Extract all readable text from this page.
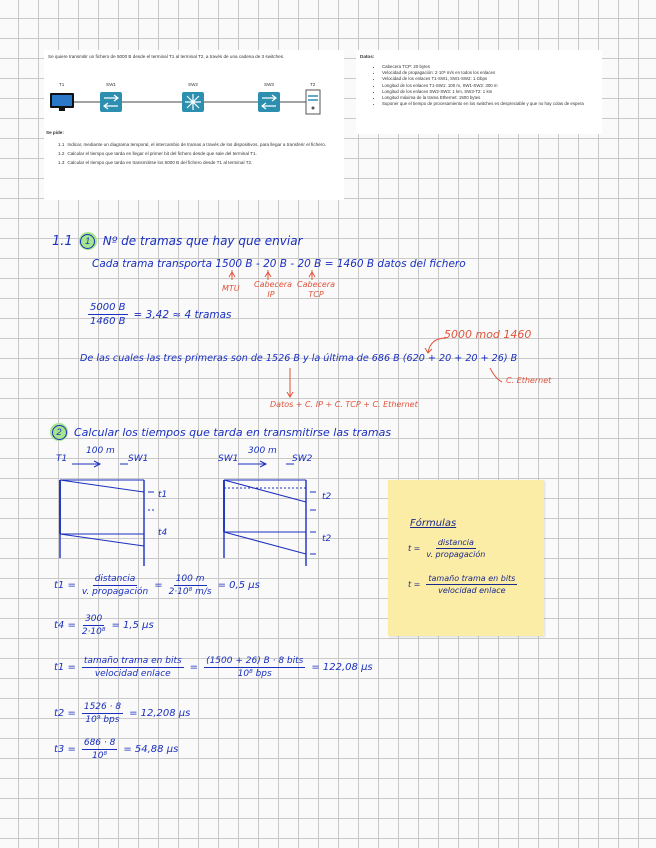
Se quiere transmitir un fichero de 5000 B desde el terminal T1 al terminal T2, a través de una cadena de 3 switches.
T1	SW1	SW2	SW3	T2
Se pide:
1.1 Indicar, mediante un diagrama temporal, el intercambio de tramas a través de los dispositivos, para llegar a transferir el fichero.
1.2 Calcular el tiempo que tarda en llegar el primer bit del fichero desde que sale del terminal T1.
1.3 Calcular el tiempo que tarda en transmitirse los 5000 B del fichero desde T1 al terminal T2.
Datos:
• Cabecera TCP: 20 bytes
• Velocidad de propagación: 2·10⁸ m/s en todos los enlaces
• Velocidad de los enlaces T1-SW1, SW1-SW2: 1 Gbps
• Longitud de los enlaces T1-SW1: 100 m, SW1-SW2: 300 m
• Longitud de los enlaces SW2-SW3: 1 km, SW3-T2: 1 km
• Longitud máxima de la trama Ethernet: 1500 bytes
• Suponer que el tiempo de procesamiento en los switches es despreciable y que no hay colas de espera
1.1	1	Nº de tramas que hay que enviar
Cada trama transporta 1500 B - 20 B - 20 B = 1460 B datos del fichero
MTU Cabecera IP
Cabecera TCP
$\frac{5000 B}{1460 B} = 3,42 \approx 4$ tramas
5000 mod 1460
De las cuales las tres primeras son de 1526 B y la última de 686 B (620 + 20 + 20 + 26) B
C. Ethernet
Datos + C. IP + C. TCP + C. Ethernet
2	Calcular los tiempos que tarda en transmitirse las tramas
T1	SW1
100 m
t1
t4
SW1	SW2
300 m
t2
t2
Fórmulas
$t = \frac{\text{distancia}}{\text{v. propagación}}$
$t = \frac{\text{tamaño trama en bits}}{\text{velocidad enlace}}$
$t1 = \frac{\text{distancia}}{\text{v. propagación}} = \frac{100 m}{\text{2·10⁸ m/s}} = 0,5$ µs
$t4 = \frac{300}{\text{2·10⁸}} = 1,5$ µs
$t1 = \frac{\text{tamaño trama en bits}}{\text{velocidad enlace}} = \frac{\text{(1500 + 26) B · 8 bits}}{\text{10⁸ bps}} = 122,08$ µs
$t2 = \frac{1526 \cdot 8}{\text{10⁹ bps}} = 12,208$ µs
$t3 = \frac{686 \cdot 8}{\text{10⁸}} = 54,88$ µs
